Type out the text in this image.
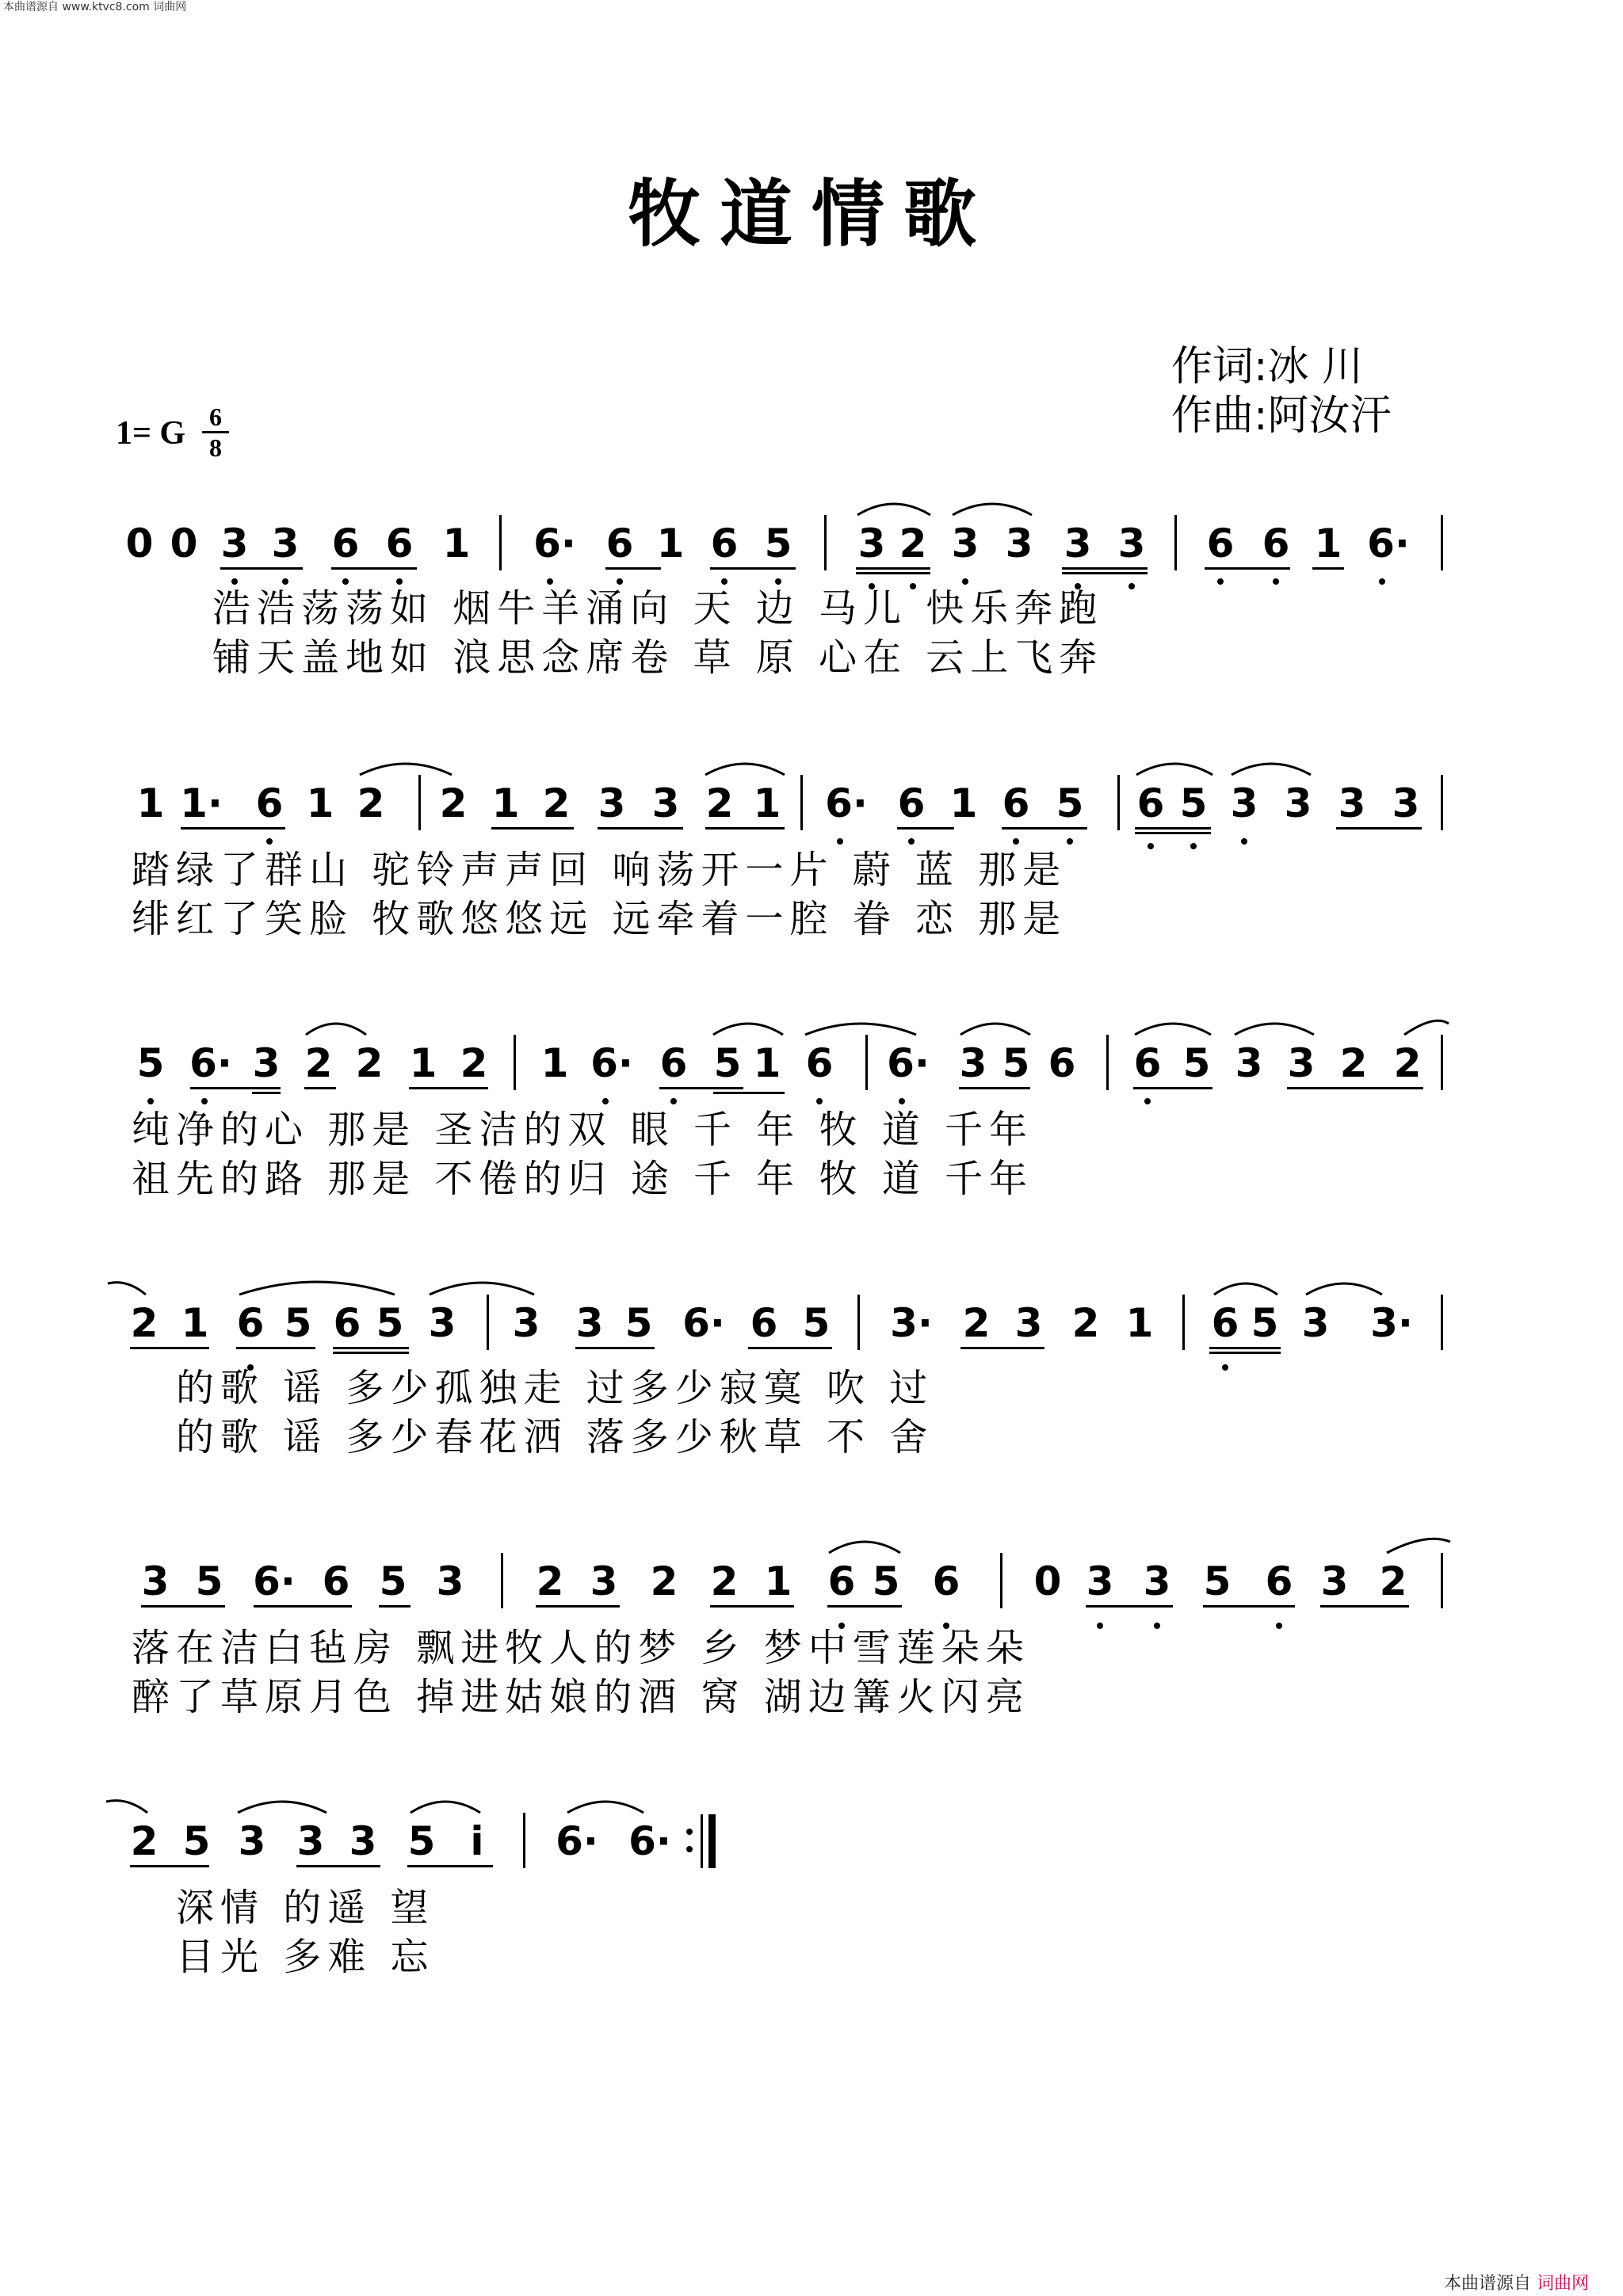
本曲谱源自 www.ktvc8.com 词曲网
牧道情歌
作词:冰 川
作曲:阿汝汗
1= G 6
8
0 0 3 3 6 6 1 6· 6 1 6 5 3 2 3 3 3 3 6 6 1 6·
浩浩荡荡如 烟牛羊涌向 天 边 马儿 快乐奔跑
铺天盖地如 浪思念席卷 草 原 心在 云上飞奔
1 1· 6 1 2 2 1 2 3 3 2 1 6· 6 1 6 5 6 5 3 3 3 3
踏绿了群山 驼铃声声回 响荡开一片 蔚 蓝 那是
绯红了笑脸 牧歌悠悠远 远牵着一腔 眷 恋 那是
5 6· 3 2 2 1 2 1 6· 6 5 1 6 6· 3 5 6 6 5 3 3 2 2
纯净的心 那是 圣洁的双 眼 千 年 牧 道 千年
祖先的路 那是 不倦的归 途 千 年 牧 道 千年
2 1 6 5 6 5 3 3 3 5 6· 6 5 3· 2 3 2 1 6 5 3 3·
的歌 谣 多少孤独走 过多少寂寞 吹 过
的歌 谣 多少春花洒 落多少秋草 不 舍
3 5 6· 6 5 3 2 3 2 2 1 6 5 6 0 3 3 5 6 3 2
落在洁白毡房 飘进牧人的梦 乡 梦中雪莲朵朵
醉了草原月色 掉进姑娘的酒 窝 湖边篝火闪亮
2 5 3 3 3 5 i 6· 6·
深情 的遥 望
目光 多难 忘
本曲谱源自 词曲网
